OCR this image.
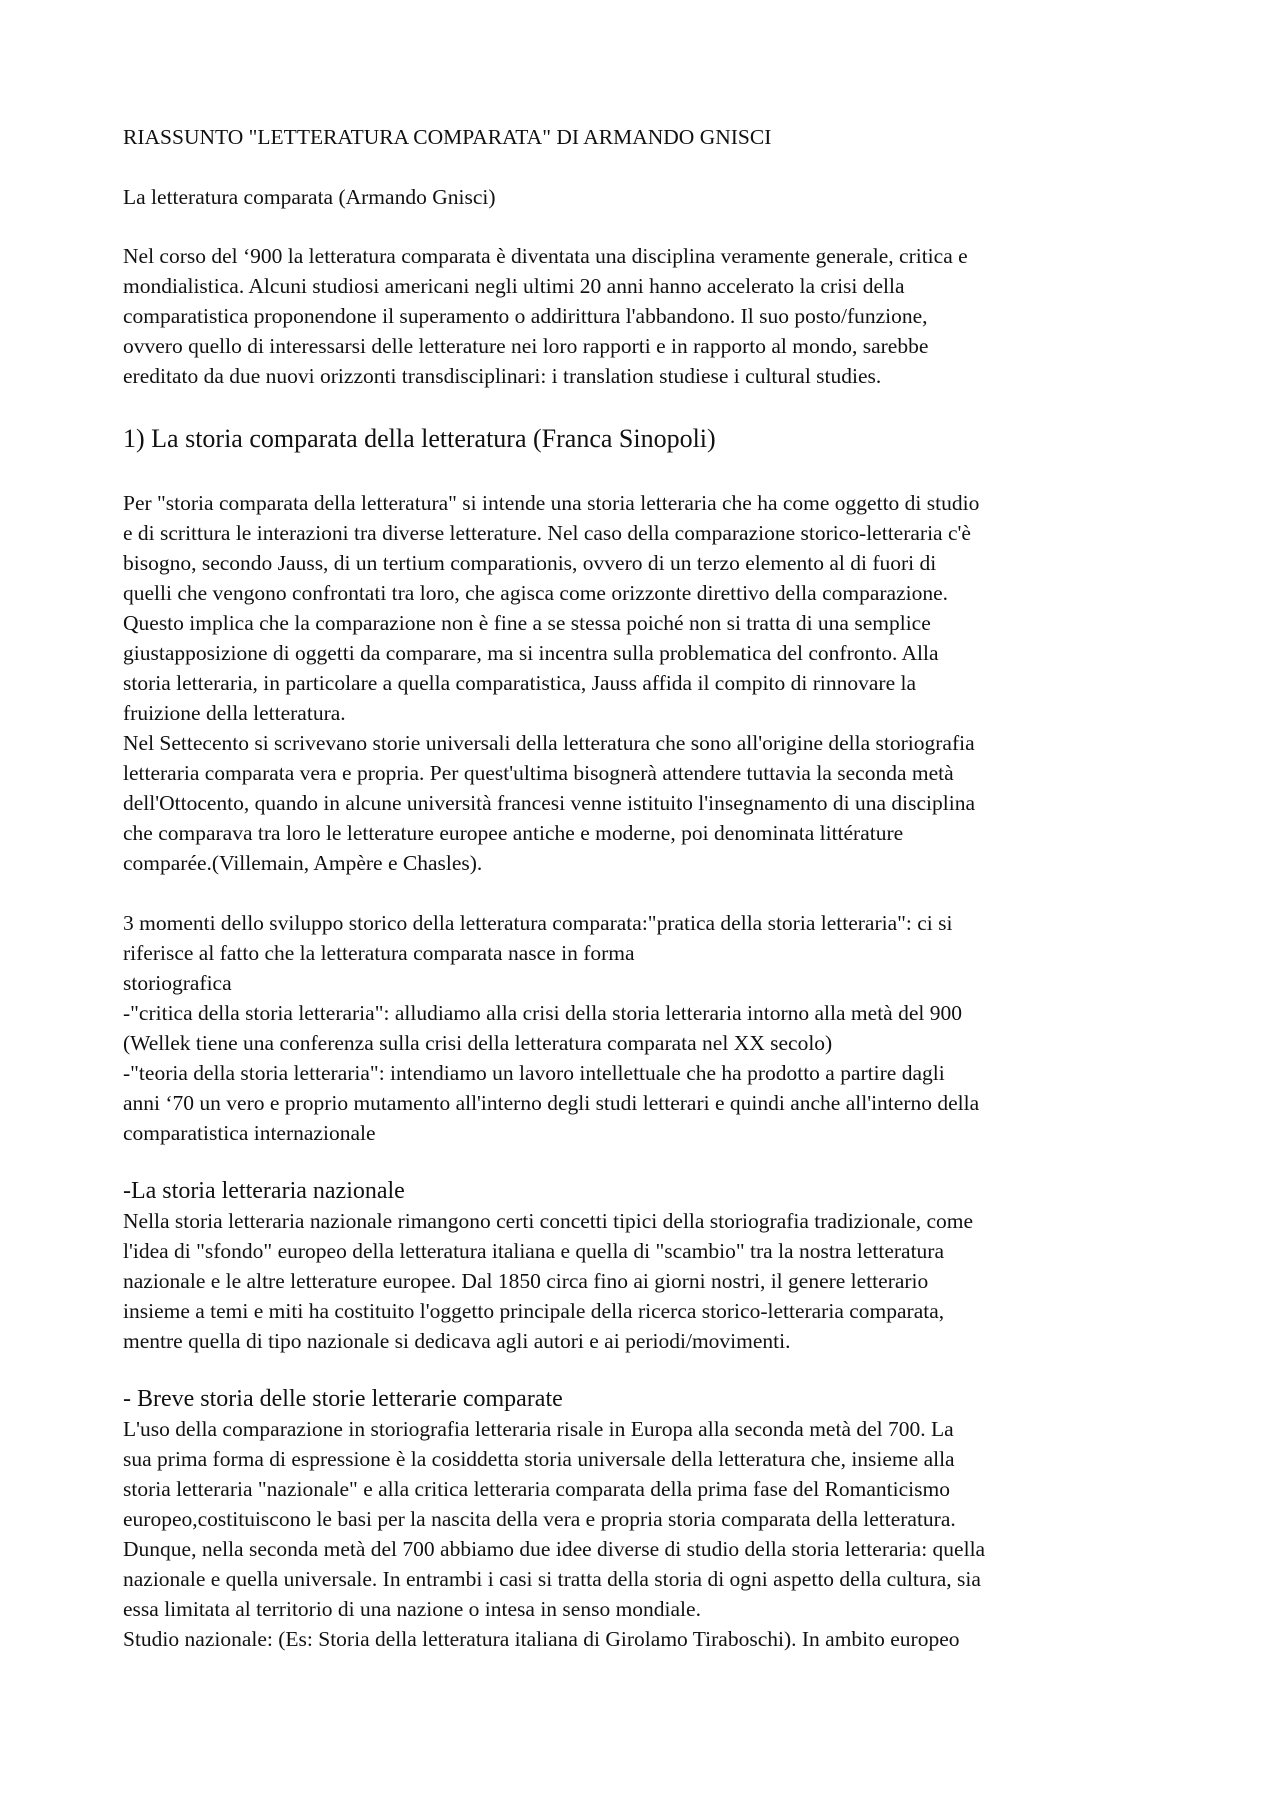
RIASSUNTO "LETTERATURA COMPARATA" DI ARMANDO GNISCI
La letteratura comparata (Armando Gnisci)
Nel corso del ‘900 la letteratura comparata è diventata una disciplina veramente generale, critica e
mondialistica. Alcuni studiosi americani negli ultimi 20 anni hanno accelerato la crisi della
comparatistica proponendone il superamento o addirittura l'abbandono. Il suo posto/funzione,
ovvero quello di interessarsi delle letterature nei loro rapporti e in rapporto al mondo, sarebbe
ereditato da due nuovi orizzonti transdisciplinari: i translation studiese i cultural studies.
1) La storia comparata della letteratura (Franca Sinopoli)
Per "storia comparata della letteratura" si intende una storia letteraria che ha come oggetto di studio
e di scrittura le interazioni tra diverse letterature. Nel caso della comparazione storico-letteraria c'è
bisogno, secondo Jauss, di un tertium comparationis, ovvero di un terzo elemento al di fuori di
quelli che vengono confrontati tra loro, che agisca come orizzonte direttivo della comparazione.
Questo implica che la comparazione non è fine a se stessa poiché non si tratta di una semplice
giustapposizione di oggetti da comparare, ma si incentra sulla problematica del confronto. Alla
storia letteraria, in particolare a quella comparatistica, Jauss affida il compito di rinnovare la
fruizione della letteratura.
Nel Settecento si scrivevano storie universali della letteratura che sono all'origine della storiografia
letteraria comparata vera e propria. Per quest'ultima bisognerà attendere tuttavia la seconda metà
dell'Ottocento, quando in alcune università francesi venne istituito l'insegnamento di una disciplina
che comparava tra loro le letterature europee antiche e moderne, poi denominata littérature
comparée.(Villemain, Ampère e Chasles).
3 momenti dello sviluppo storico della letteratura comparata:"pratica della storia letteraria": ci si
riferisce al fatto che la letteratura comparata nasce in forma
storiografica
-"critica della storia letteraria": alludiamo alla crisi della storia letteraria intorno alla metà del 900
(Wellek tiene una conferenza sulla crisi della letteratura comparata nel XX secolo)
-"teoria della storia letteraria": intendiamo un lavoro intellettuale che ha prodotto a partire dagli
anni ‘70 un vero e proprio mutamento all'interno degli studi letterari e quindi anche all'interno della
comparatistica internazionale
-La storia letteraria nazionale
Nella storia letteraria nazionale rimangono certi concetti tipici della storiografia tradizionale, come
l'idea di "sfondo" europeo della letteratura italiana e quella di "scambio" tra la nostra letteratura
nazionale e le altre letterature europee. Dal 1850 circa fino ai giorni nostri, il genere letterario
insieme a temi e miti ha costituito l'oggetto principale della ricerca storico-letteraria comparata,
mentre quella di tipo nazionale si dedicava agli autori e ai periodi/movimenti.
- Breve storia delle storie letterarie comparate
L'uso della comparazione in storiografia letteraria risale in Europa alla seconda metà del 700. La
sua prima forma di espressione è la cosiddetta storia universale della letteratura che, insieme alla
storia letteraria "nazionale" e alla critica letteraria comparata della prima fase del Romanticismo
europeo,costituiscono le basi per la nascita della vera e propria storia comparata della letteratura.
Dunque, nella seconda metà del 700 abbiamo due idee diverse di studio della storia letteraria: quella
nazionale e quella universale. In entrambi i casi si tratta della storia di ogni aspetto della cultura, sia
essa limitata al territorio di una nazione o intesa in senso mondiale.
Studio nazionale: (Es: Storia della letteratura italiana di Girolamo Tiraboschi). In ambito europeo
